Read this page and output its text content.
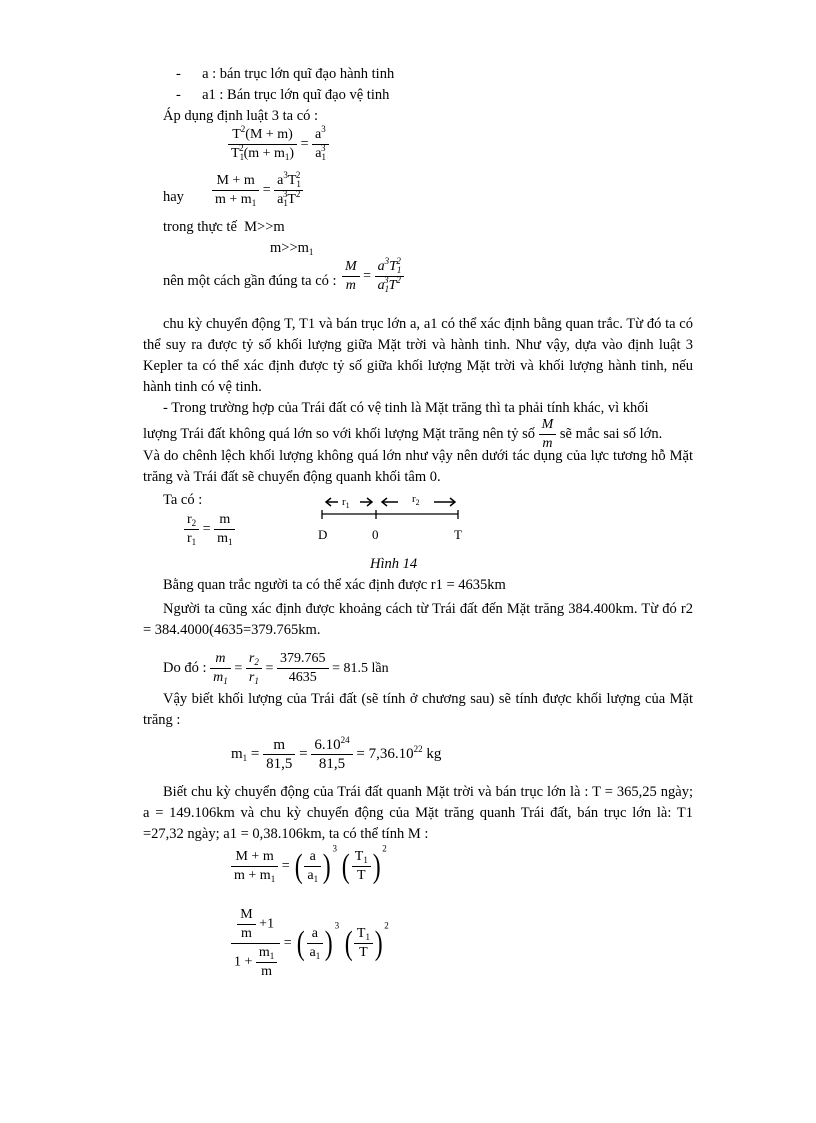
- a : bán trục lớn quĩ đạo hành tinh
- a1 : Bán trục lớn quĩ đạo vệ tinh
Áp dụng định luật 3 ta có :
$\frac{T^2(M + m)}{T_1^2(m + m_1)} = \frac{a^3}{a_1^3}$
hay $\frac{M + m}{m + m_1} = \frac{a^3T_1^2}{a_1^3T^2}$
trong thực tế M>>m
$m>>m_1$
nên một cách gần đúng ta có : $\frac{M}{m} = \frac{a^3T_1^2}{a_1^3T^2}$
chu kỳ chuyển động T, T1 và bán trục lớn a, a1 có thể xác định bằng quan trắc. Từ đó ta có thể suy ra được tỷ số khối lượng giữa Mặt trời và hành tinh. Như vậy, dựa vào định luật 3 Kepler ta có thể xác định được tỷ số giữa khối lượng Mặt trời và khối lượng hành tinh, nếu hành tinh có vệ tinh.
- Trong trường hợp của Trái đất có vệ tinh là Mặt trăng thì ta phải tính khác, vì khối
lượng Trái đất không quá lớn so với khối lượng Mặt trăng nên tỷ số $\frac{M}{m}$ sẽ mắc sai số lớn.
Và do chênh lệch khối lượng không quá lớn như vậy nên dưới tác dụng của lực tương hỗ Mặt trăng và Trái đất sẽ chuyển động quanh khối tâm 0.
Ta có :
$\frac{r_2}{r_1} = \frac{m}{m_1}$
$r_1$
$r_2$
D	0	T
Hình 14
Bằng quan trắc người ta có thể xác định được r1 = 4635km
Người ta cũng xác định được khoảng cách từ Trái đất đến Mặt trăng 384.400km. Từ đó r2 = 384.4000(4635=379.765km.
Do đó : $\frac{m}{m_1} = \frac{r_2}{r_1} = \frac{379.765}{4635} = 81.5$ lần
Vậy biết khối lượng của Trái đất (sẽ tính ở chương sau) sẽ tính được khối lượng của Mặt trăng :
$m_1 = \frac{m}{81,5} = \frac{6.10^{24}}{81,5} = 7,36.10^{22}$ kg
Biết chu kỳ chuyển động của Trái đất quanh Mặt trời và bán trục lớn là : T = 365,25 ngày; a = 149.106km và chu kỳ chuyển động của Mặt trăng quanh Trái đất, bán trục lớn là: T1 =27,32 ngày; a1 = 0,38.106km, ta có thể tính M :
$\frac{M + m}{m + m_1}$ = ( $\frac{a}{a_1}$ ) $^3$ ( $\frac{T_1}{T}$ ) $^2$
$\frac{\frac{M}{m} +1}{1 + \frac{m_1}{m}}$ = ( $\frac{a}{a_1}$ ) $^3$ ( $\frac{T_1}{T}$ ) $^2$
